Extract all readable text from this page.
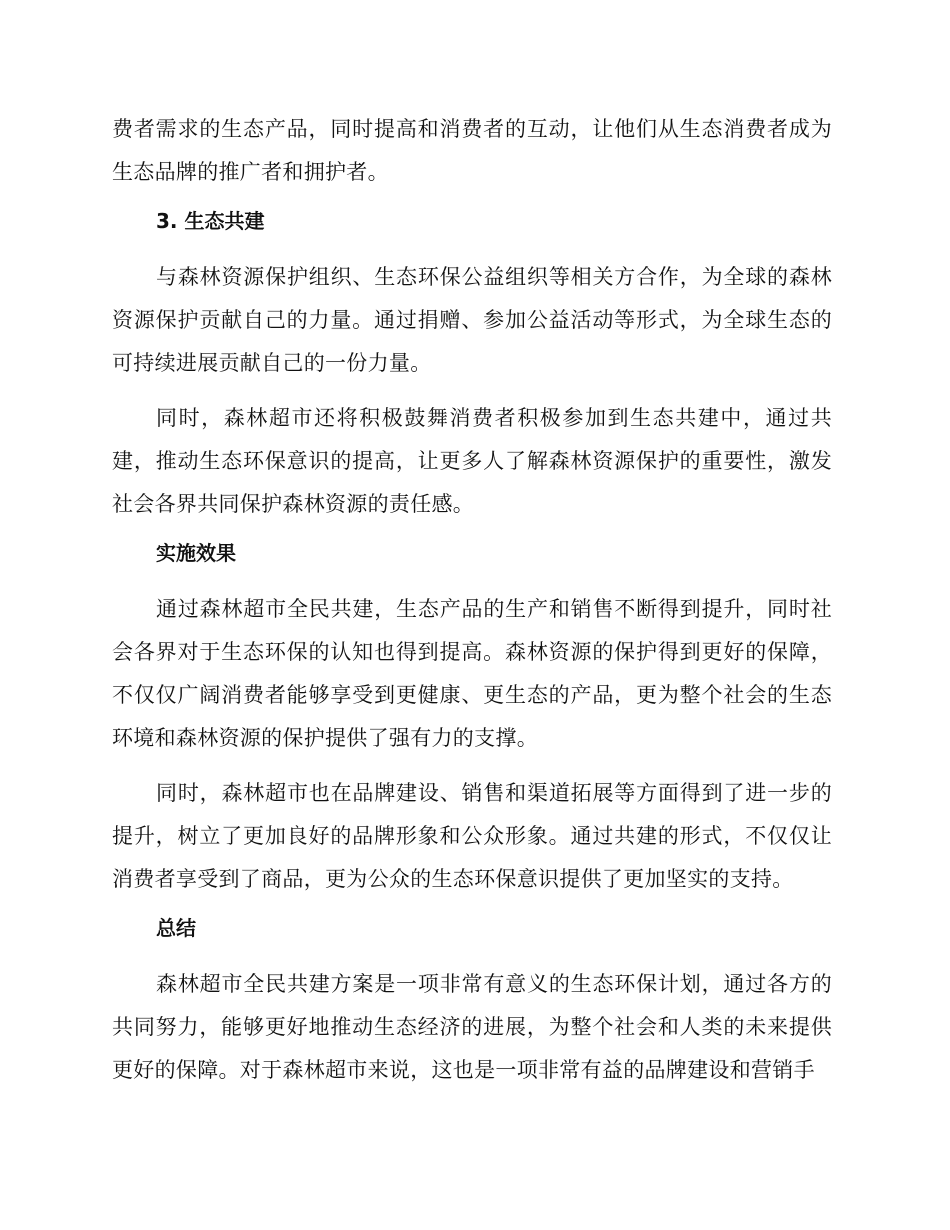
费者需求的生态产品，同时提高和消费者的互动，让他们从生态消费者成为生态品牌的推广者和拥护者。

3. 生态共建

与森林资源保护组织、生态环保公益组织等相关方合作，为全球的森林资源保护贡献自己的力量。通过捐赠、参加公益活动等形式，为全球生态的可持续进展贡献自己的一份力量。

同时，森林超市还将积极鼓舞消费者积极参加到生态共建中，通过共建，推动生态环保意识的提高，让更多人了解森林资源保护的重要性，激发社会各界共同保护森林资源的责任感。

实施效果

通过森林超市全民共建，生态产品的生产和销售不断得到提升，同时社会各界对于生态环保的认知也得到提高。森林资源的保护得到更好的保障，不仅仅广阔消费者能够享受到更健康、更生态的产品，更为整个社会的生态环境和森林资源的保护提供了强有力的支撑。

同时，森林超市也在品牌建设、销售和渠道拓展等方面得到了进一步的提升，树立了更加良好的品牌形象和公众形象。通过共建的形式，不仅仅让消费者享受到了商品，更为公众的生态环保意识提供了更加坚实的支持。

总结

森林超市全民共建方案是一项非常有意义的生态环保计划，通过各方的共同努力，能够更好地推动生态经济的进展，为整个社会和人类的未来提供更好的保障。对于森林超市来说，这也是一项非常有益的品牌建设和营销手
